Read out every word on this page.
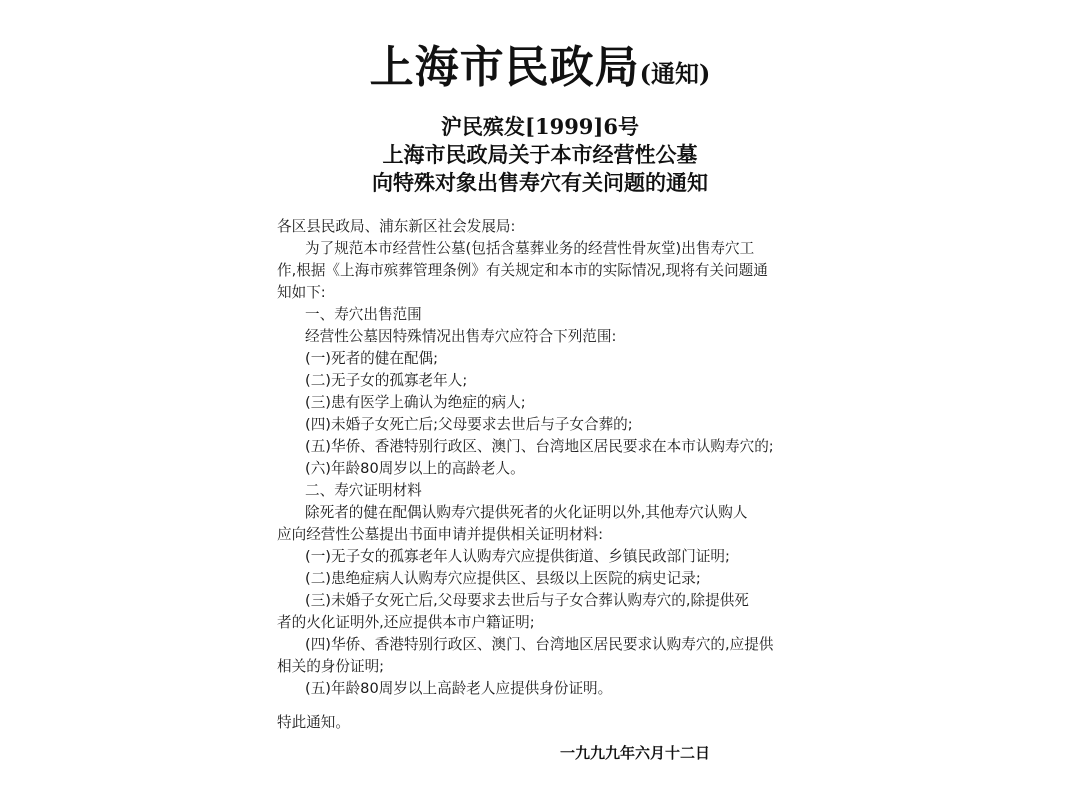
上海市民政局(通知)
沪民殡发[1999]6号
上海市民政局关于本市经营性公墓
向特殊对象出售寿穴有关问题的通知
各区县民政局、浦东新区社会发展局:
为了规范本市经营性公墓(包括含墓葬业务的经营性骨灰堂)出售寿穴工
作,根据《上海市殡葬管理条例》有关规定和本市的实际情况,现将有关问题通
知如下:
一、寿穴出售范围
经营性公墓因特殊情况出售寿穴应符合下列范围:
(一)死者的健在配偶;
(二)无子女的孤寡老年人;
(三)患有医学上确认为绝症的病人;
(四)未婚子女死亡后;父母要求去世后与子女合葬的;
(五)华侨、香港特别行政区、澳门、台湾地区居民要求在本市认购寿穴的;
(六)年龄80周岁以上的高龄老人。
二、寿穴证明材料
除死者的健在配偶认购寿穴提供死者的火化证明以外,其他寿穴认购人
应向经营性公墓提出书面申请并提供相关证明材料:
(一)无子女的孤寡老年人认购寿穴应提供街道、乡镇民政部门证明;
(二)患绝症病人认购寿穴应提供区、县级以上医院的病史记录;
(三)未婚子女死亡后,父母要求去世后与子女合葬认购寿穴的,除提供死
者的火化证明外,还应提供本市户籍证明;
(四)华侨、香港特别行政区、澳门、台湾地区居民要求认购寿穴的,应提供
相关的身份证明;
(五)年龄80周岁以上高龄老人应提供身份证明。
特此通知。
一九九九年六月十二日
